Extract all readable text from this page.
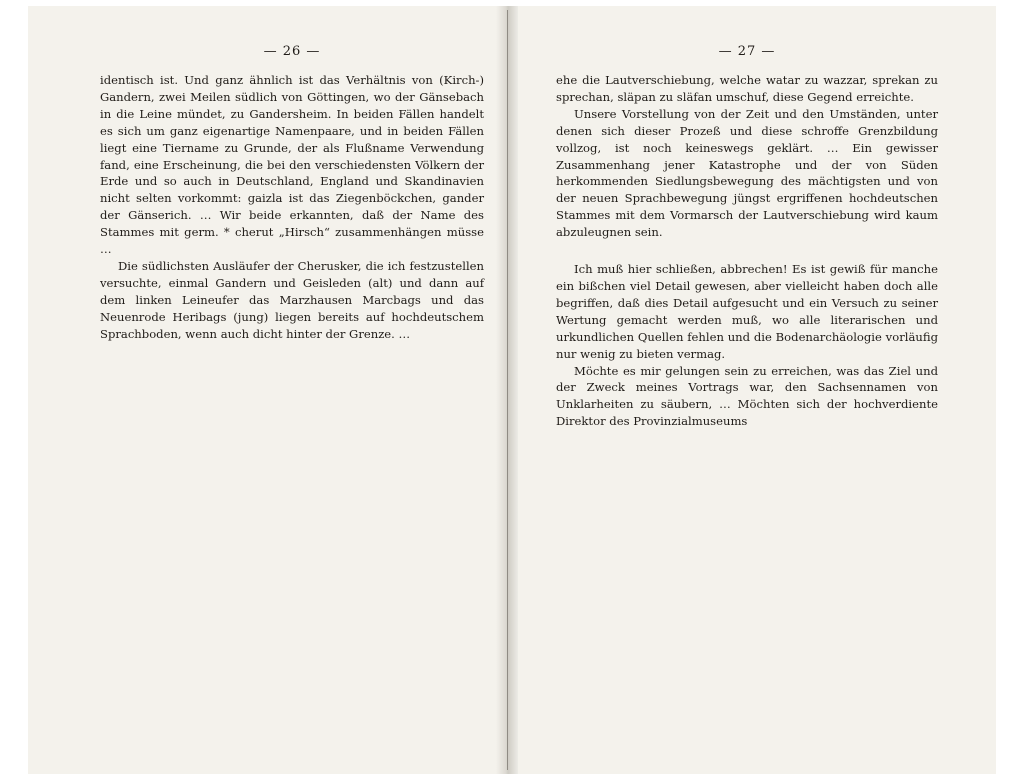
— 26 —

identisch ist. Und ganz ähnlich ist das Verhältnis von (Kirch-) Gandern, zwei Meilen südlich von Göttingen, wo der Gänsebach in die Leine mündet, zu Gandersheim. In beiden Fällen handelt es sich um ganz eigenartige Namenpaare, und in beiden Fällen liegt eine Tiername zu Grunde, der als Flußname Verwendung fand, eine Erscheinung, die bei den verschiedensten Völkern der Erde und so auch in Deutschland, England und Skandinavien nicht selten vorkommt: gaizla ist das Ziegenböckchen, gander der Gänserich. … Wir beide erkannten, daß der Name des Stammes mit germ. * cherut „Hirsch“ zusammenhängen müsse …

Die südlichsten Ausläufer der Cherusker, die ich festzustellen versuchte, einmal Gandern und Geisleden (alt) und dann auf dem linken Leineufer das Marzhausen Marcbags und das Neuenrode Heribags (jung) liegen bereits auf hochdeutschem Sprachboden, wenn auch dicht hinter der Grenze. …

— 27 —

ehe die Lautverschiebung, welche watar zu wazzar, sprekan zu sprechan, släpan zu släfan umschuf, diese Gegend erreichte.

Unsere Vorstellung von der Zeit und den Umständen, unter denen sich dieser Prozeß und diese schroffe Grenzbildung vollzog, ist noch keineswegs geklärt. … Ein gewisser Zusammenhang jener Katastrophe und der von Süden herkommenden Siedlungsbewegung des mächtigsten und von der neuen Sprachbewegung jüngst ergriffenen hochdeutschen Stammes mit dem Vormarsch der Lautverschiebung wird kaum abzuleugnen sein.

Ich muß hier schließen, abbrechen! Es ist gewiß für manche ein bißchen viel Detail gewesen, aber vielleicht haben doch alle begriffen, daß dies Detail aufgesucht und ein Versuch zu seiner Wertung gemacht werden muß, wo alle literarischen und urkundlichen Quellen fehlen und die Bodenarchäologie vorläufig nur wenig zu bieten vermag.

Möchte es mir gelungen sein zu erreichen, was das Ziel und der Zweck meines Vortrags war, den Sachsennamen von Unklarheiten zu säubern, … Möchten sich der hochverdiente Direktor des Provinzialmuseums
